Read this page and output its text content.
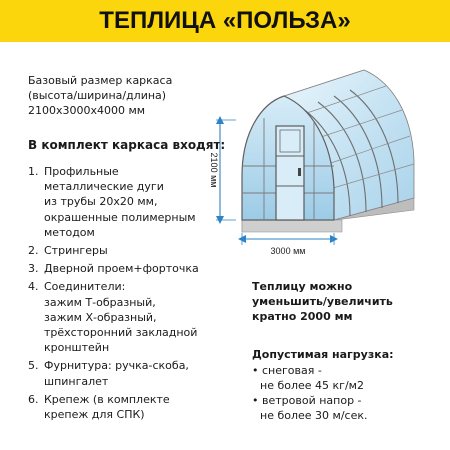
ТЕПЛИЦА «ПОЛЬЗА»
Базовый размер каркаса
(высота/ширина/длина)
2100x3000x4000 мм
В комплект каркаса входят:
1. Профильные
металлические дуги
из трубы 20x20 мм,
окрашенные полимерным
методом
2. Стрингеры
3. Дверной проем+форточка
4. Соединители:
зажим Т-образный,
зажим Х-образный,
трёхсторонний закладной
кронштейн
5. Фурнитура: ручка-скоба,
шпингалет
6. Крепеж (в комплекте
крепеж для СПК)
2100 мм
3000 мм
Теплицу можно
уменьшить/увеличить
кратно 2000 мм
Допустимая нагрузка:
• снеговая -
не более 45 кг/м2
• ветровой напор -
не более 30 м/сек.
